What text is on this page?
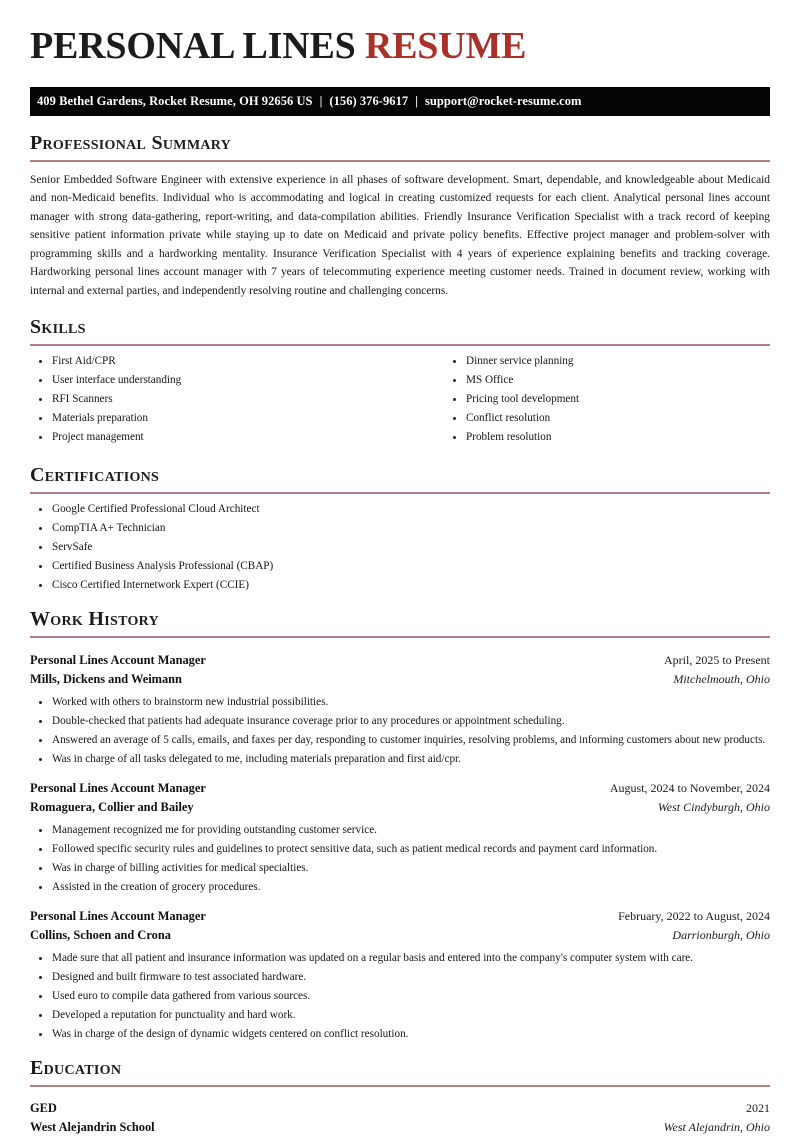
PERSONAL LINES RESUME
409 Bethel Gardens, Rocket Resume, OH 92656 US | (156) 376-9617 | support@rocket-resume.com
Professional Summary

Senior Embedded Software Engineer with extensive experience in all phases of software development. Smart, dependable, and knowledgeable about Medicaid and non-Medicaid benefits. Individual who is accommodating and logical in creating customized requests for each client. Analytical personal lines account manager with strong data-gathering, report-writing, and data-compilation abilities. Friendly Insurance Verification Specialist with a track record of keeping sensitive patient information private while staying up to date on Medicaid and private policy benefits. Effective project manager and problem-solver with programming skills and a hardworking mentality. Insurance Verification Specialist with 4 years of experience explaining benefits and tracking coverage. Hardworking personal lines account manager with 7 years of telecommuting experience meeting customer needs. Trained in document review, working with internal and external parties, and independently resolving routine and challenging concerns.

Skills
First Aid/CPR
User interface understanding
RFI Scanners
Materials preparation
Project management
Dinner service planning
MS Office
Pricing tool development
Conflict resolution
Problem resolution
Certifications
Google Certified Professional Cloud Architect
CompTIA A+ Technician
ServSafe
Certified Business Analysis Professional (CBAP)
Cisco Certified Internetwork Expert (CCIE)
Work History
Personal Lines Account Manager	April, 2025 to Present
Mills, Dickens and Weimann	Mitchelmouth, Ohio
Worked with others to brainstorm new industrial possibilities.
Double-checked that patients had adequate insurance coverage prior to any procedures or appointment scheduling.
Answered an average of 5 calls, emails, and faxes per day, responding to customer inquiries, resolving problems, and informing customers about new products.
Was in charge of all tasks delegated to me, including materials preparation and first aid/cpr.
Personal Lines Account Manager	August, 2024 to November, 2024
Romaguera, Collier and Bailey	West Cindyburgh, Ohio
Management recognized me for providing outstanding customer service.
Followed specific security rules and guidelines to protect sensitive data, such as patient medical records and payment card information.
Was in charge of billing activities for medical specialties.
Assisted in the creation of grocery procedures.
Personal Lines Account Manager	February, 2022 to August, 2024
Collins, Schoen and Crona	Darrionburgh, Ohio
Made sure that all patient and insurance information was updated on a regular basis and entered into the company's computer system with care.
Designed and built firmware to test associated hardware.
Used euro to compile data gathered from various sources.
Developed a reputation for punctuality and hard work.
Was in charge of the design of dynamic widgets centered on conflict resolution.
Education
GED	2021
West Alejandrin School	West Alejandrin, Ohio
